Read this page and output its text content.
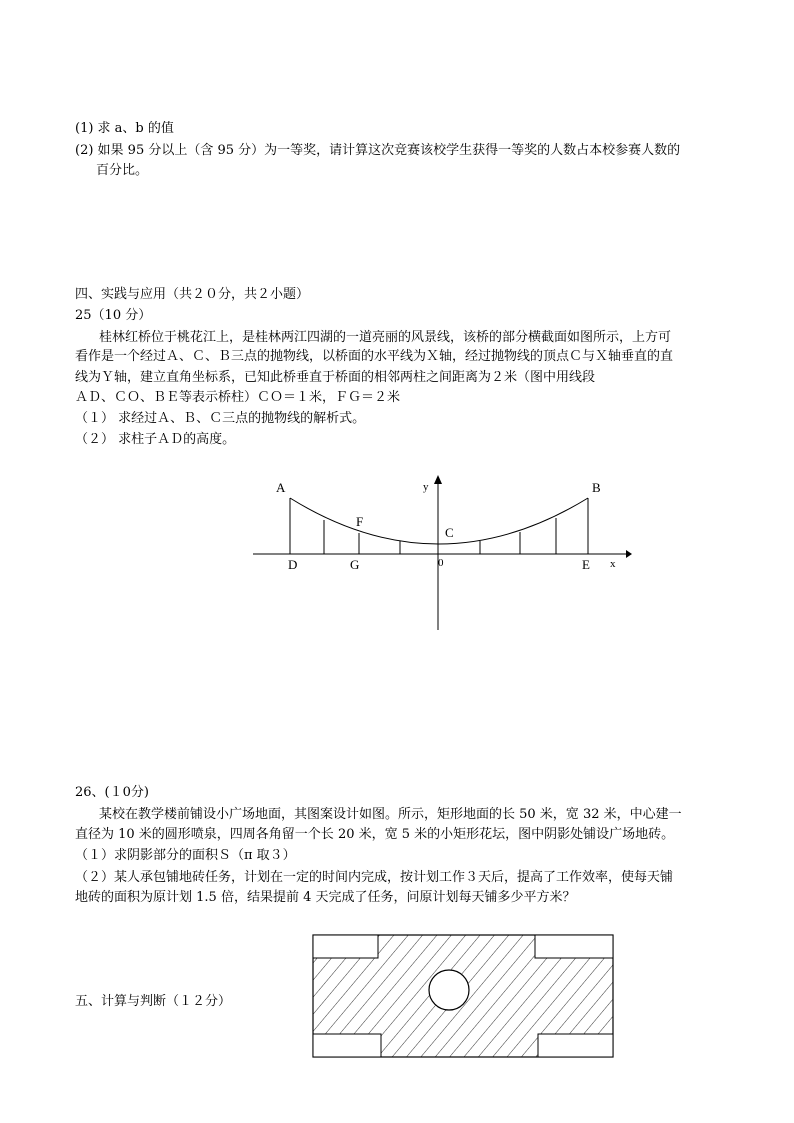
(1) 求 a、b 的值
(2) 如果 95 分以上（含 95 分）为一等奖，请计算这次竞赛该校学生获得一等奖的人数占本校参赛人数的
百分比。
四、实践与应用（共２０分，共２小题）
25（10 分）
桂林红桥位于桃花江上，是桂林两江四湖的一道亮丽的风景线，该桥的部分横截面如图所示，上方可
看作是一个经过Ａ、Ｃ、Ｂ三点的抛物线，以桥面的水平线为Ｘ轴，经过抛物线的顶点Ｃ与Ｘ轴垂直的直
线为Ｙ轴，建立直角坐标系，已知此桥垂直于桥面的相邻两柱之间距离为２米（图中用线段
ＡＤ、ＣＯ、ＢＥ等表示桥柱）ＣＯ＝１米，ＦＧ＝２米
（１） 求经过Ａ、Ｂ、Ｃ三点的抛物线的解析式。
（２） 求柱子ＡＤ的高度。
A	B
C
F
D	G	0	E x
y
26、(１0分)
某校在教学楼前铺设小广场地面，其图案设计如图。所示，矩形地面的长 50 米，宽 32 米，中心建一
直径为 10 米的圆形喷泉，四周各角留一个长 20 米，宽 5 米的小矩形花坛，图中阴影处铺设广场地砖。
（１）求阴影部分的面积Ｓ（π 取３）
（２）某人承包铺地砖任务，计划在一定的时间内完成，按计划工作３天后，提高了工作效率，使每天铺
地砖的面积为原计划 1.5 倍，结果提前 4 天完成了任务，问原计划每天铺多少平方米？
五、计算与判断（１２分）
